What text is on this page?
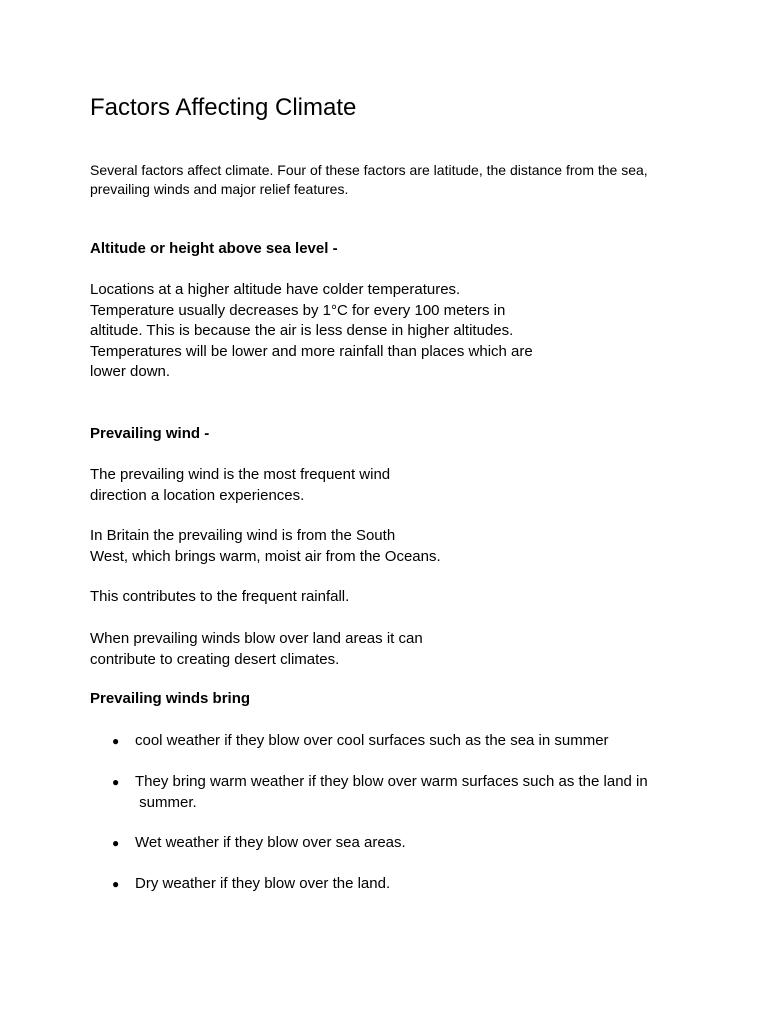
Factors Affecting Climate

Several factors affect climate. Four of these factors are latitude, the distance from the sea,
prevailing winds and major relief features.

Altitude or height above sea level -

Locations at a higher altitude have colder temperatures.
Temperature usually decreases by 1°C for every 100 meters in
altitude. This is because the air is less dense in higher altitudes.
Temperatures will be lower and more rainfall than places which are
lower down.

Prevailing wind -

The prevailing wind is the most frequent wind
direction a location experiences.

In Britain the prevailing wind is from the South
West, which brings warm, moist air from the Oceans.

This contributes to the frequent rainfall.

When prevailing winds blow over land areas it can
contribute to creating desert climates.

Prevailing winds bring

●

cool weather if they blow over cool surfaces such as the sea in summer

●

They bring warm weather if they blow over warm surfaces such as the land in
summer.

●

Wet weather if they blow over sea areas.

●

Dry weather if they blow over the land.
